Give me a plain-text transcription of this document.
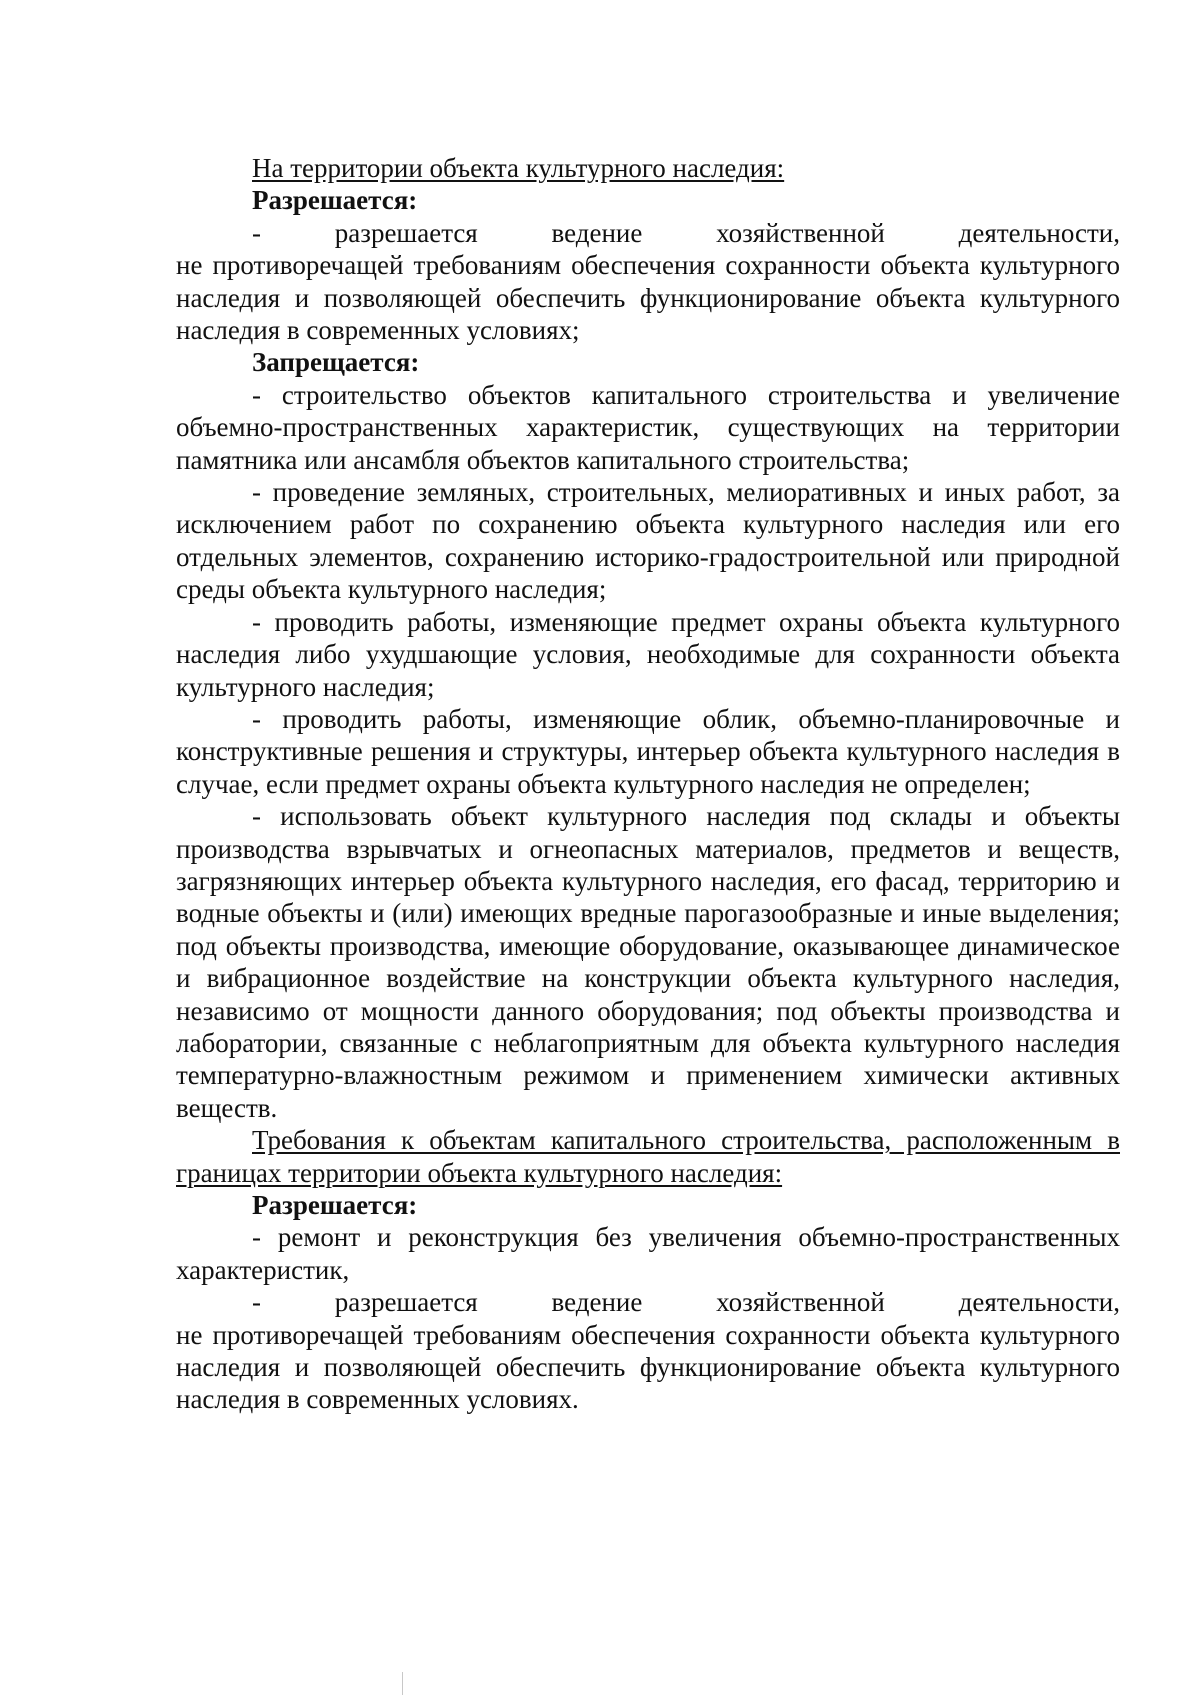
На территории объекта культурного наследия:

Разрешается:

- разрешается ведение хозяйственной деятельности,

не противоречащей требованиям обеспечения сохранности объекта культурного наследия и позволяющей обеспечить функционирование объекта культурного наследия в современных условиях;

Запрещается:

- строительство объектов капитального строительства и увеличение объемно-пространственных характеристик, существующих на территории памятника или ансамбля объектов капитального строительства;

- проведение земляных, строительных, мелиоративных и иных работ, за исключением работ по сохранению объекта культурного наследия или его отдельных элементов, сохранению историко-градостроительной или природной среды объекта культурного наследия;

- проводить работы, изменяющие предмет охраны объекта культурного наследия либо ухудшающие условия, необходимые для сохранности объекта культурного наследия;

- проводить работы, изменяющие облик, объемно-планировочные и конструктивные решения и структуры, интерьер объекта культурного наследия в случае, если предмет охраны объекта культурного наследия не определен;

- использовать объект культурного наследия под склады и объекты производства взрывчатых и огнеопасных материалов, предметов и веществ, загрязняющих интерьер объекта культурного наследия, его фасад, территорию и водные объекты и (или) имеющих вредные парогазообразные и иные выделения; под объекты производства, имеющие оборудование, оказывающее динамическое и вибрационное воздействие на конструкции объекта культурного наследия, независимо от мощности данного оборудования; под объекты производства и лаборатории, связанные с неблагоприятным для объекта культурного наследия температурно-влажностным режимом и применением химически активных веществ.

Требования к объектам капитального строительства, расположенным в границах территории объекта культурного наследия:

Разрешается:

- ремонт и реконструкция без увеличения объемно-пространственных характеристик,

- разрешается ведение хозяйственной деятельности,

не противоречащей требованиям обеспечения сохранности объекта культурного наследия и позволяющей обеспечить функционирование объекта культурного наследия в современных условиях.
